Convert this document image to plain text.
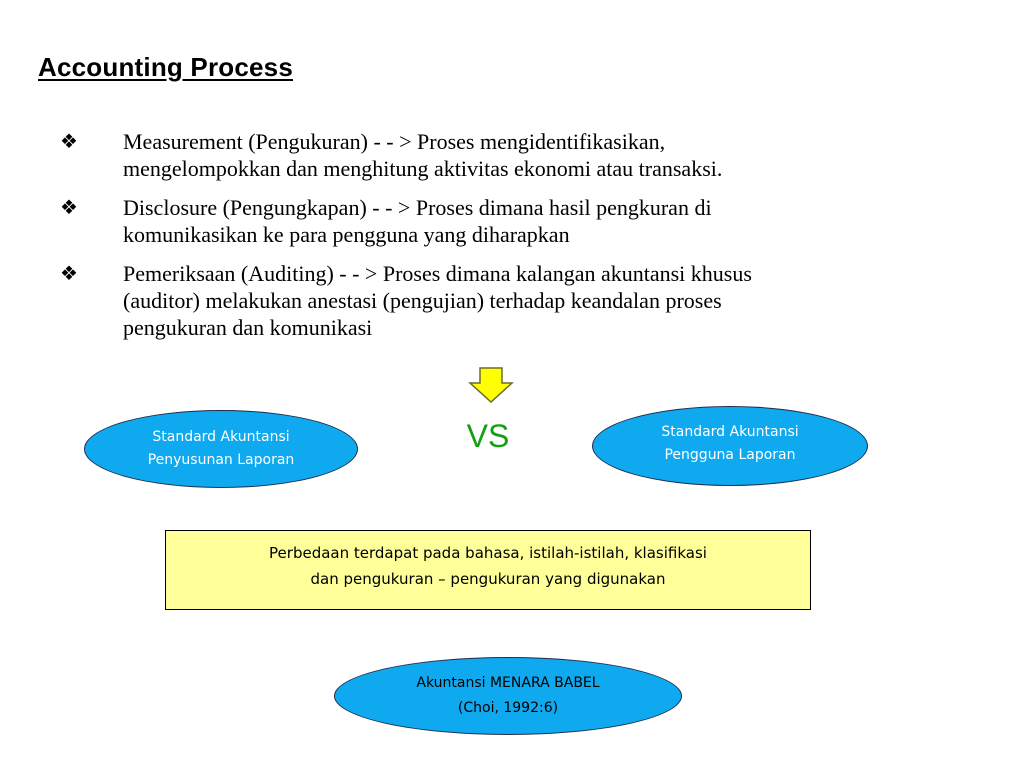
Accounting Process
❖ Measurement (Pengukuran) - - > Proses mengidentifikasikan,
mengelompokkan dan menghitung aktivitas ekonomi atau transaksi.
❖ Disclosure (Pengungkapan) - - > Proses dimana hasil pengkuran di
komunikasikan ke para pengguna yang diharapkan
❖ Pemeriksaan (Auditing) - - > Proses dimana kalangan akuntansi khusus
(auditor) melakukan anestasi (pengujian) terhadap keandalan proses
pengukuran dan komunikasi
VS
Standard Akuntansi
Penyusunan Laporan
Standard Akuntansi
Pengguna Laporan
Perbedaan terdapat pada bahasa, istilah-istilah, klasifikasi
dan pengukuran – pengukuran yang digunakan
Akuntansi MENARA BABEL
(Choi, 1992:6)
